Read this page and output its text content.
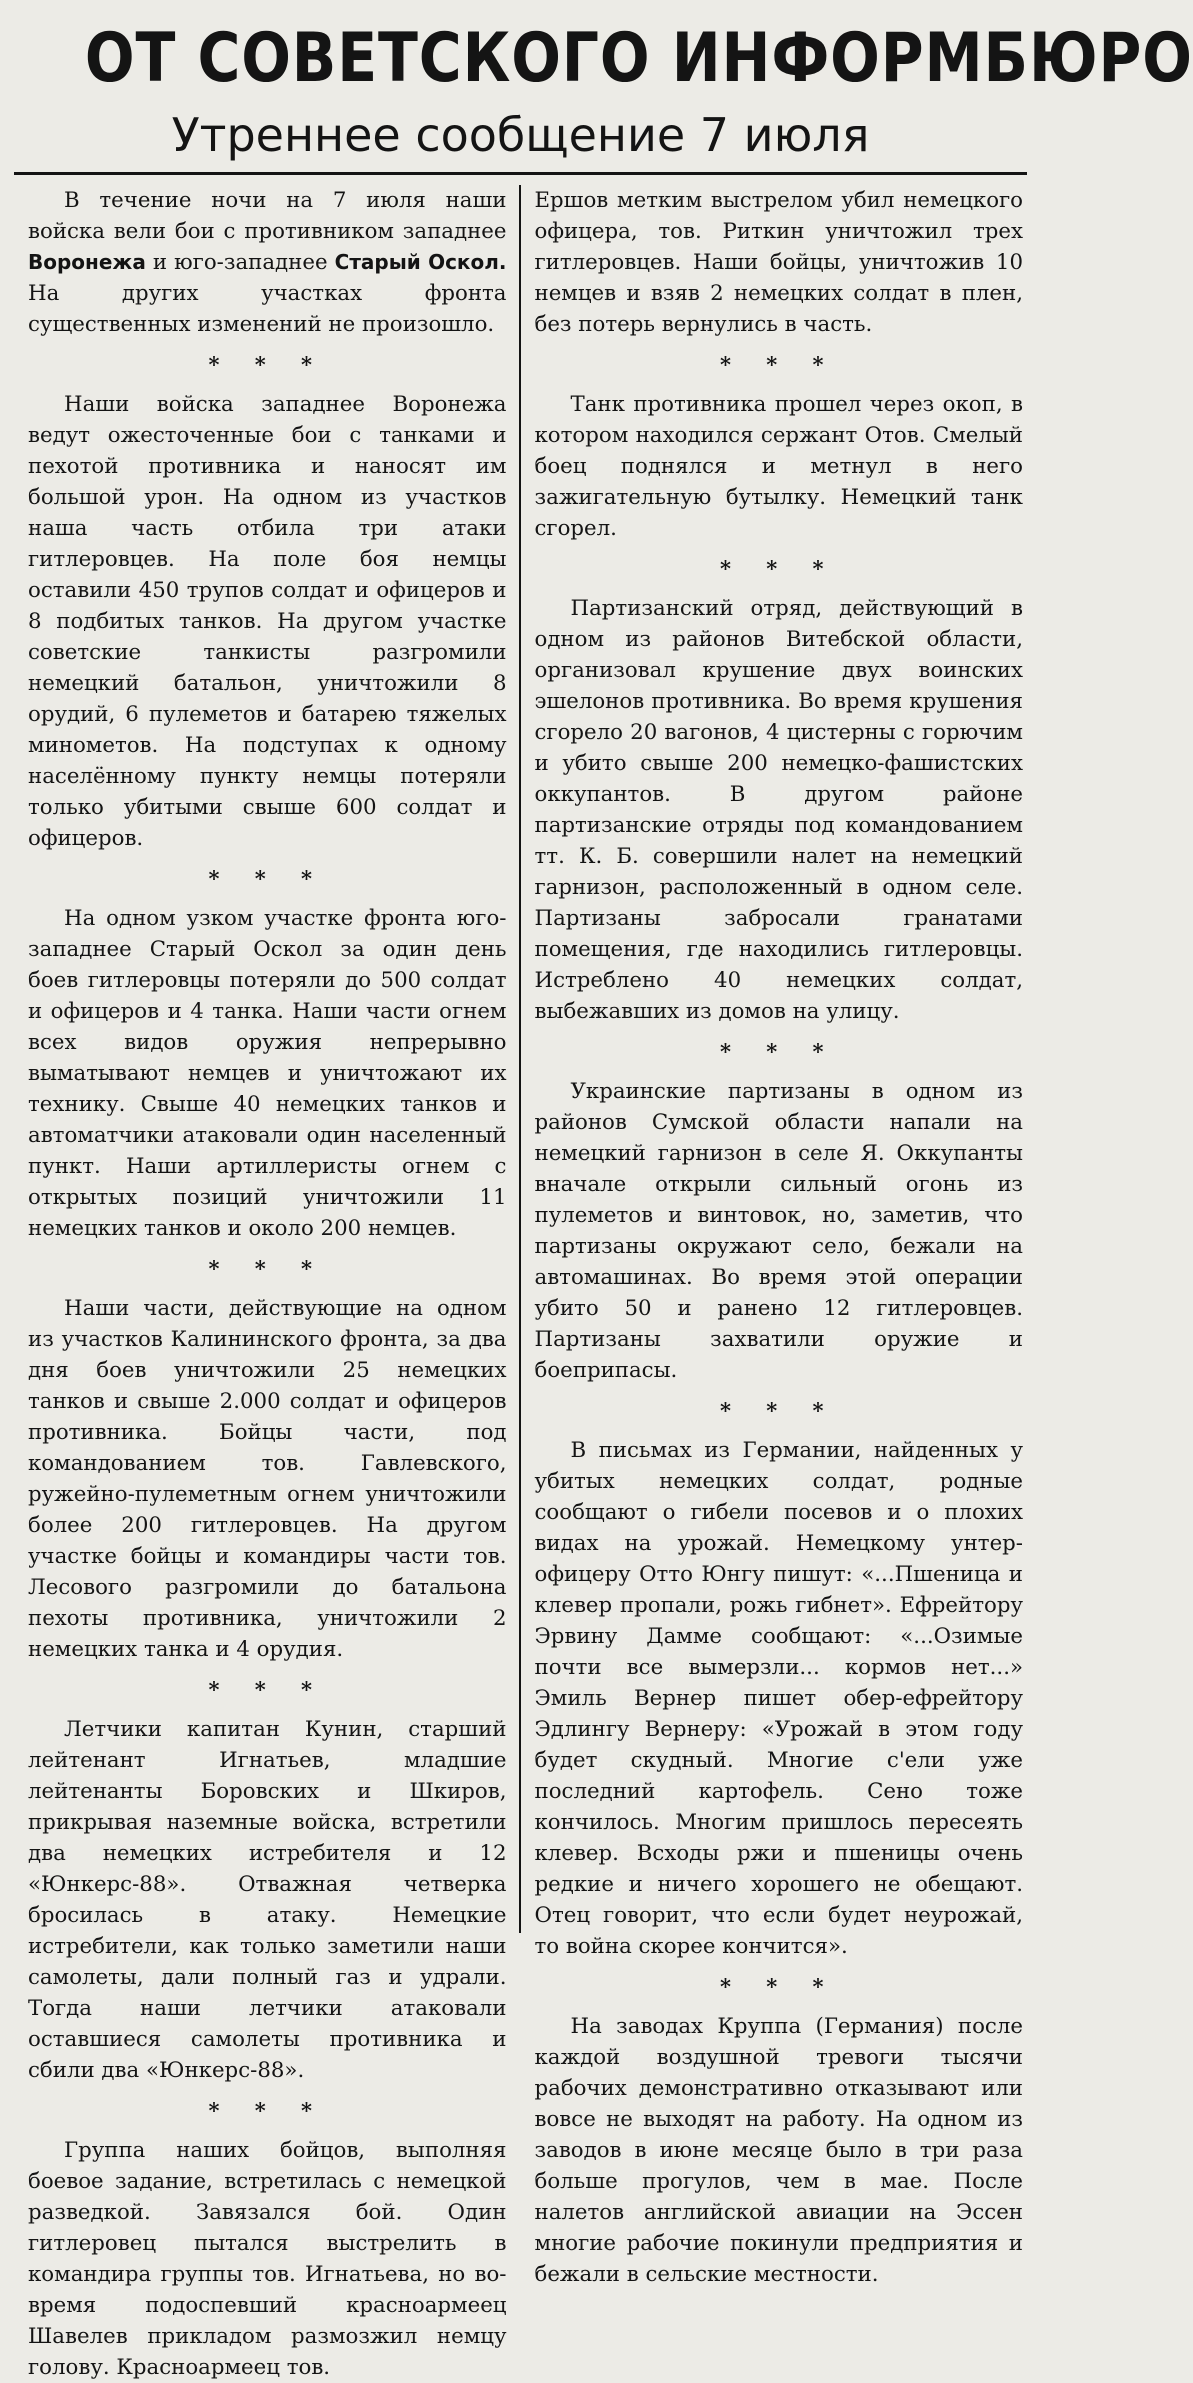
ОТ СОВЕТСКОГО ИНФОРМБЮРО
Утреннее сообщение 7 июля

В течение ночи на 7 июля наши войска вели бои с противником западнее Воронежа и юго-западнее Старый Оскол. На других участках фронта существенных изменений не произошло.

* * *

Наши войска западнее Воронежа ведут ожесточенные бои с танками и пехотой противника и наносят им большой урон. На одном из участков наша часть отбила три атаки гитлеровцев. На поле боя немцы оставили 450 трупов солдат и офицеров и 8 подбитых танков. На другом участке советские танкисты разгромили немецкий батальон, уничтожили 8 орудий, 6 пулеметов и батарею тяжелых минометов. На подступах к одному населённому пункту немцы потеряли только убитыми свыше 600 солдат и офицеров.

* * *

На одном узком участке фронта юго-западнее Старый Оскол за один день боев гитлеровцы потеряли до 500 солдат и офицеров и 4 танка. Наши части огнем всех видов оружия непрерывно выматывают немцев и уничтожают их технику. Свыше 40 немецких танков и автоматчики атаковали один населенный пункт. Наши артиллеристы огнем с открытых позиций уничтожили 11 немецких танков и около 200 немцев.

* * *

Наши части, действующие на одном из участков Калининского фронта, за два дня боев уничтожили 25 немецких танков и свыше 2.000 солдат и офицеров противника. Бойцы части, под командованием тов. Гавлевского, ружейно-пулеметным огнем уничтожили более 200 гитлеровцев. На другом участке бойцы и командиры части тов. Лесового разгромили до батальона пехоты противника, уничтожили 2 немецких танка и 4 орудия.

* * *

Летчики капитан Кунин, старший лейтенант Игнатьев, младшие лейтенанты Боровских и Шкиров, прикрывая наземные войска, встретили два немецких истребителя и 12 «Юнкерс-88». Отважная четверка бросилась в атаку. Немецкие истребители, как только заметили наши самолеты, дали полный газ и удрали. Тогда наши летчики атаковали оставшиеся самолеты противника и сбили два «Юнкерс-88».

* * *

Группа наших бойцов, выполняя боевое задание, встретилась с немецкой разведкой. Завязался бой. Один гитлеровец пытался выстрелить в командира группы тов. Игнатьева, но во-время подоспевший красноармеец Шавелев прикладом размозжил немцу голову. Красноармеец тов.

Ершов метким выстрелом убил немецкого офицера, тов. Риткин уничтожил трех гитлеровцев. Наши бойцы, уничтожив 10 немцев и взяв 2 немецких солдат в плен, без потерь вернулись в часть.

* * *

Танк противника прошел через окоп, в котором находился сержант Отов. Смелый боец поднялся и метнул в него зажигательную бутылку. Немецкий танк сгорел.

* * *

Партизанский отряд, действующий в одном из районов Витебской области, организовал крушение двух воинских эшелонов противника. Во время крушения сгорело 20 вагонов, 4 цистерны с горючим и убито свыше 200 немецко-фашистских оккупантов. В другом районе партизанские отряды под командованием тт. К. Б. совершили налет на немецкий гарнизон, расположенный в одном селе. Партизаны забросали гранатами помещения, где находились гитлеровцы. Истреблено 40 немецких солдат, выбежавших из домов на улицу.

* * *

Украинские партизаны в одном из районов Сумской области напали на немецкий гарнизон в селе Я. Оккупанты вначале открыли сильный огонь из пулеметов и винтовок, но, заметив, что партизаны окружают село, бежали на автомашинах. Во время этой операции убито 50 и ранено 12 гитлеровцев. Партизаны захватили оружие и боеприпасы.

* * *

В письмах из Германии, найденных у убитых немецких солдат, родные сообщают о гибели посевов и о плохих видах на урожай. Немецкому унтер-офицеру Отто Юнгу пишут: «...Пшеница и клевер пропали, рожь гибнет». Ефрейтору Эрвину Дамме сообщают: «...Озимые почти все вымерзли... кормов нет...» Эмиль Вернер пишет обер-ефрейтору Эдлингу Вернеру: «Урожай в этом году будет скудный. Многие с'ели уже последний картофель. Сено тоже кончилось. Многим пришлось пересеять клевер. Всходы ржи и пшеницы очень редкие и ничего хорошего не обещают. Отец говорит, что если будет неурожай, то война скорее кончится».

* * *

На заводах Круппа (Германия) после каждой воздушной тревоги тысячи рабочих демонстративно отказывают или вовсе не выходят на работу. На одном из заводов в июне месяце было в три раза больше прогулов, чем в мае. После налетов английской авиации на Эссен многие рабочие покинули предприятия и бежали в сельские местности.
